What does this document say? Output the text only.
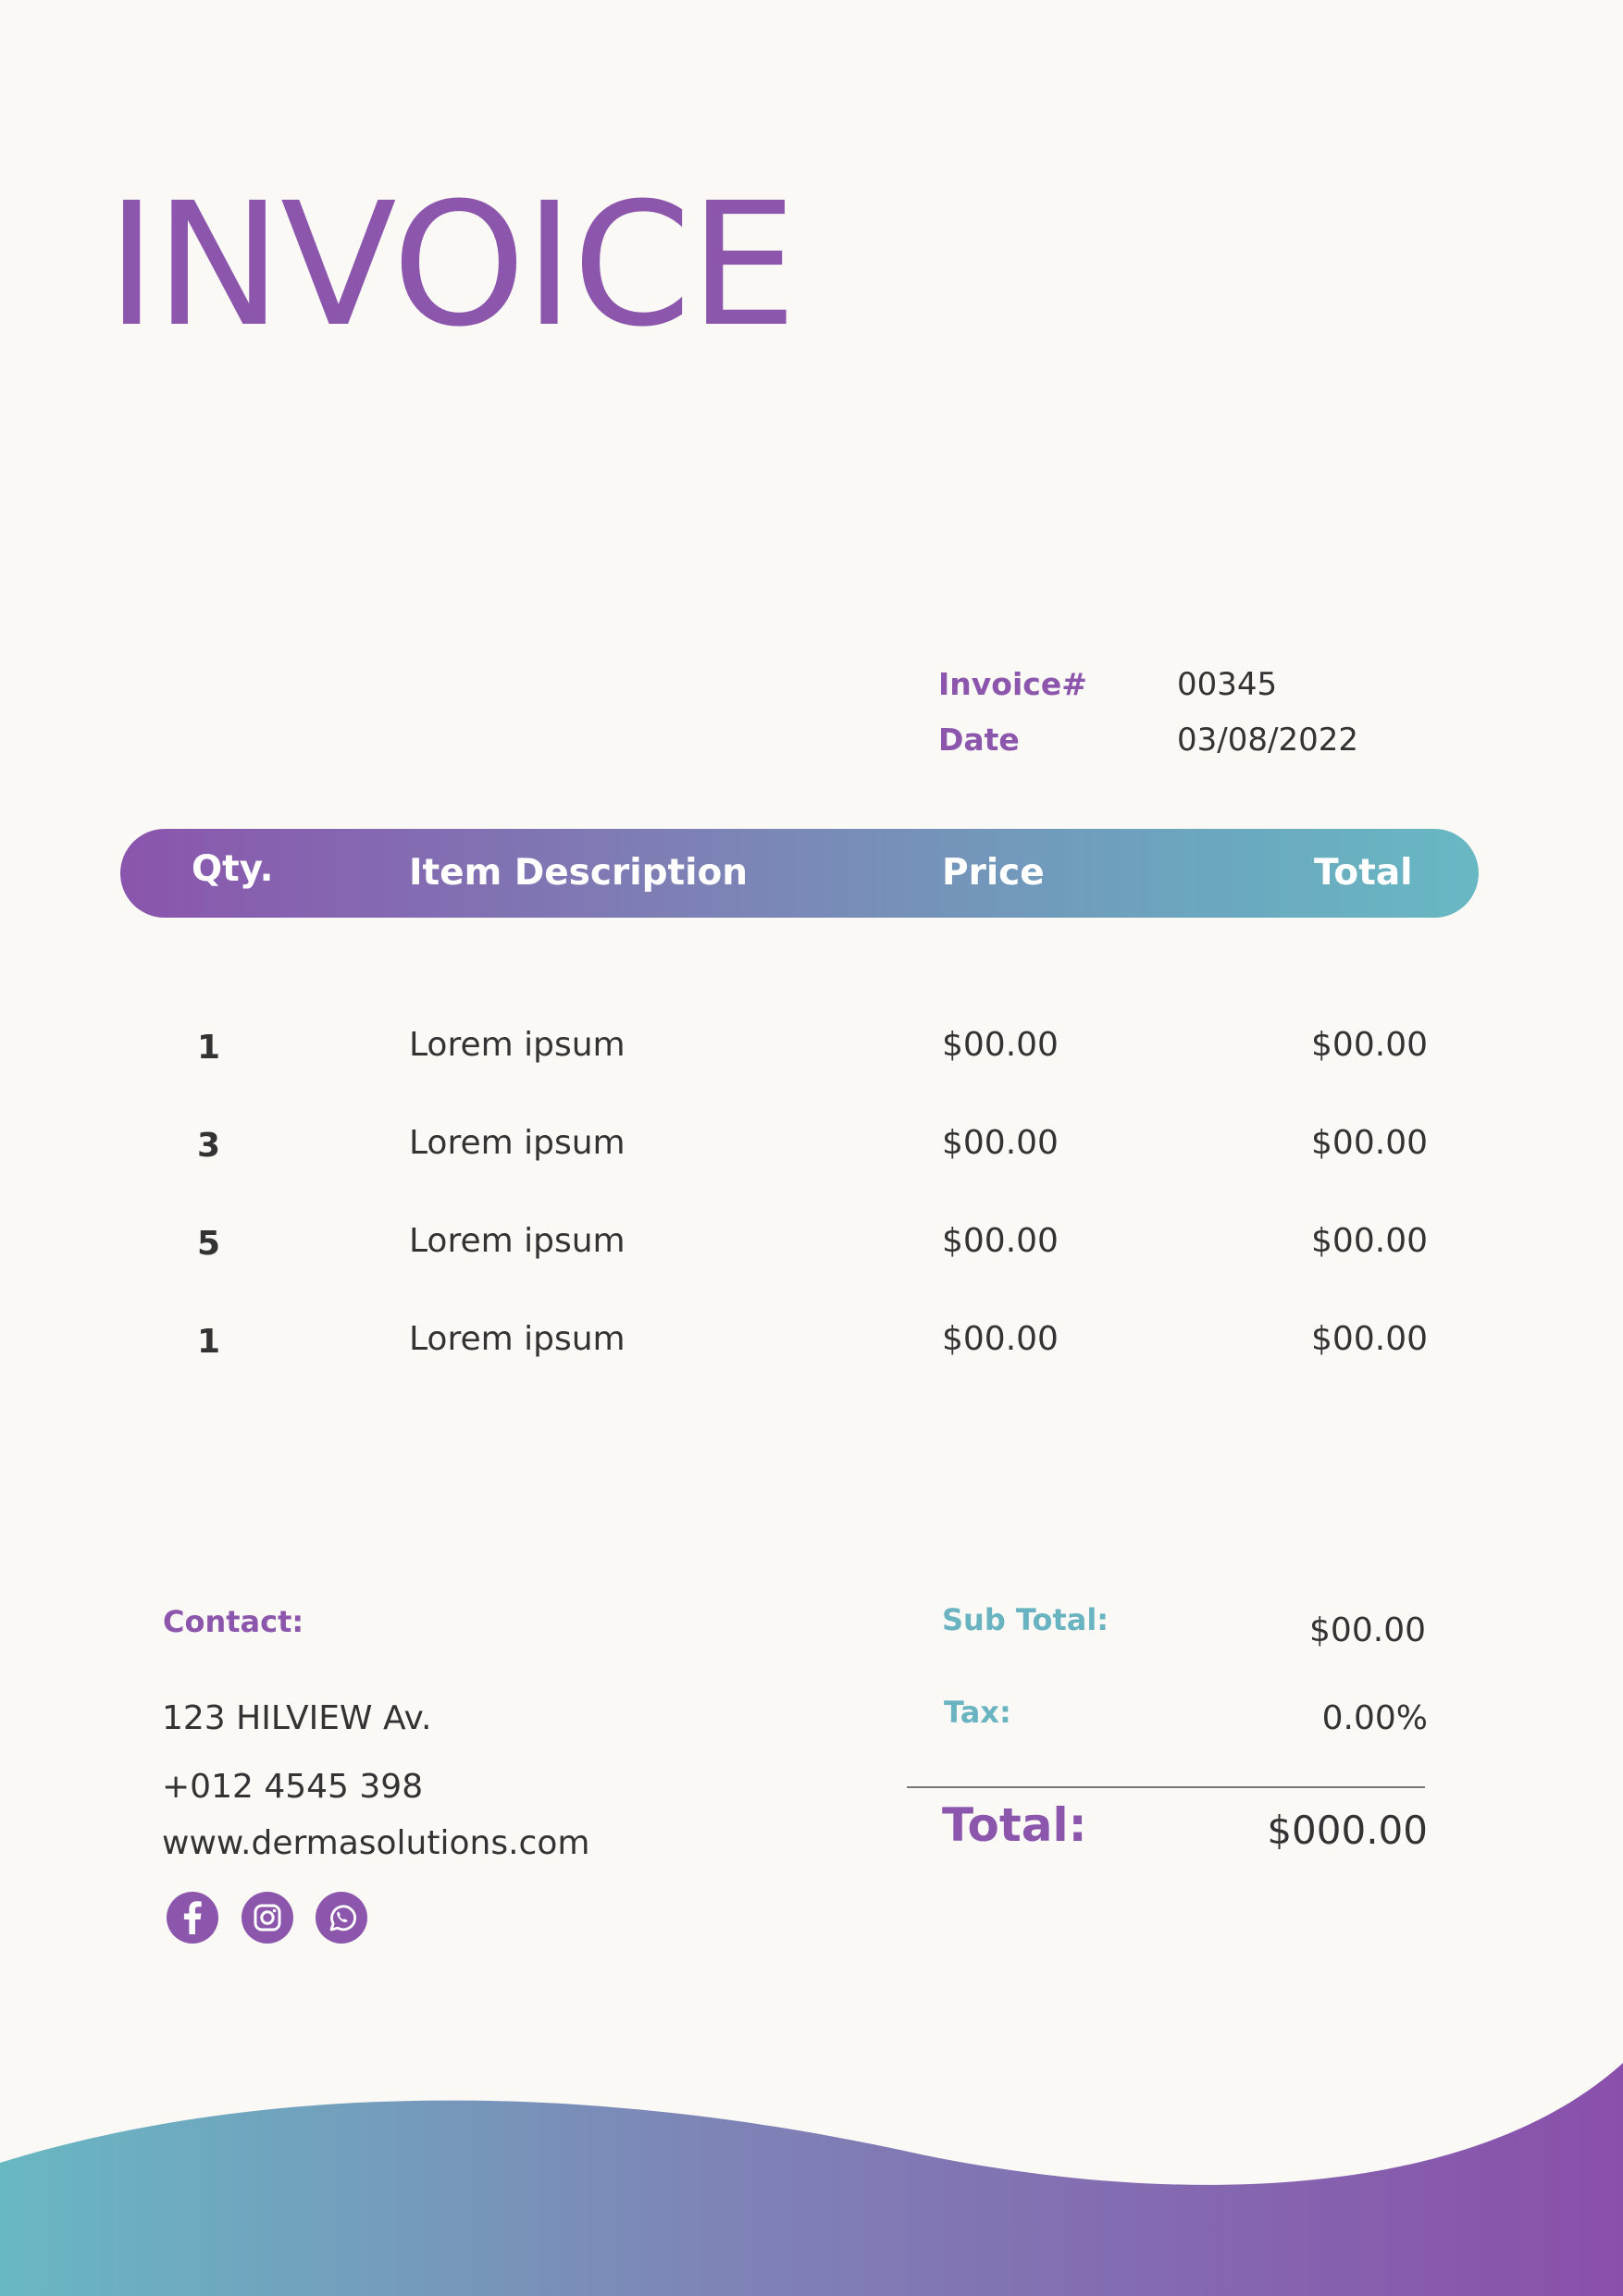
INVOICE
Invoice#	00345
Date	03/08/2022
Qty.	Item Description	Price	Total
1	Lorem ipsum	$00.00	$00.00
3	Lorem ipsum	$00.00	$00.00
5	Lorem ipsum	$00.00	$00.00
1	Lorem ipsum	$00.00	$00.00
Contact:
123 HILVIEW Av.
+012 4545 398
www.dermasolutions.com
Sub Total:	$00.00
Tax:	0.00%
Total:	$000.00
